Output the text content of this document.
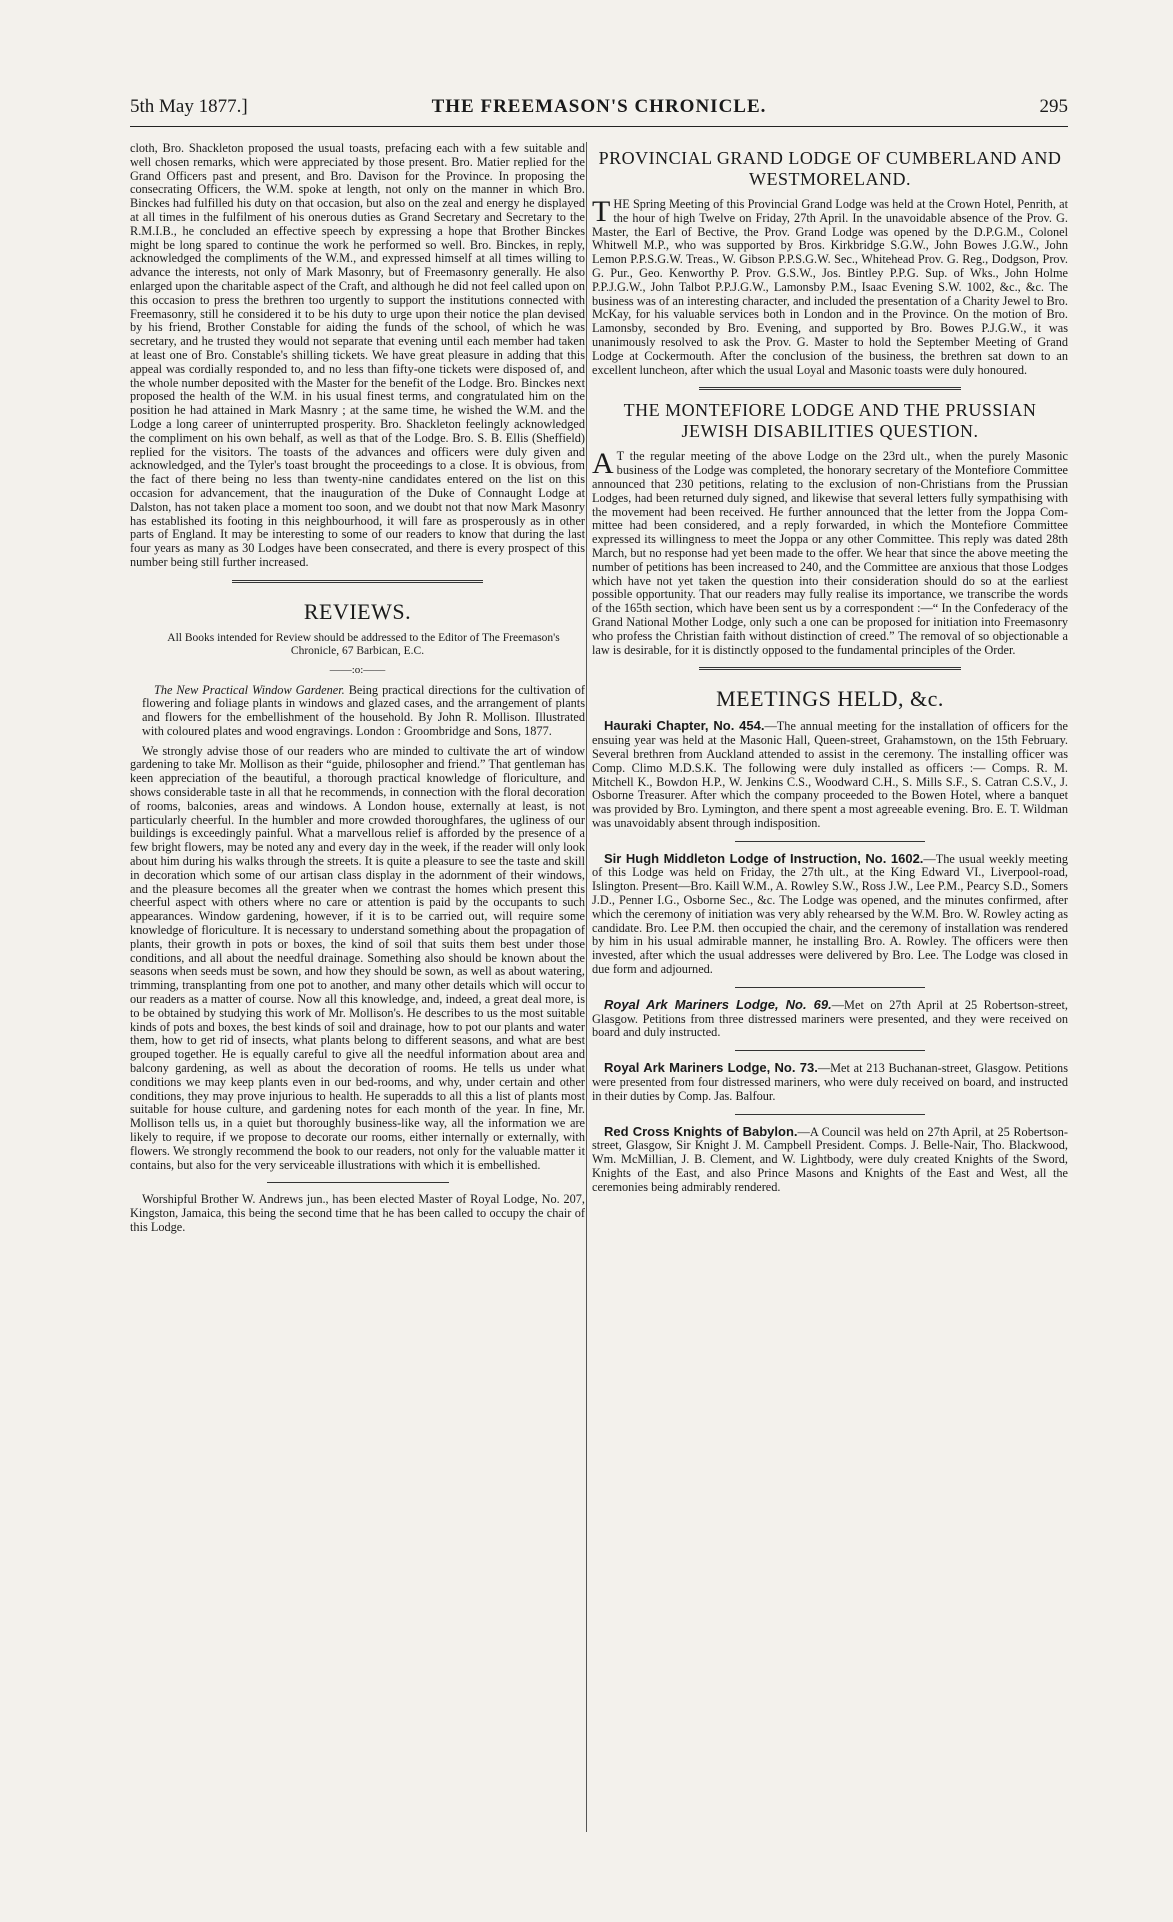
5th May 1877.]	THE FREEMASON'S CHRONICLE.	295

cloth, Bro. Shackleton proposed the usual toasts, prefacing each with a few suitable and well chosen remarks, which were appreciated by those present. Bro. Matier replied for the Grand Officers past and present, and Bro. Davison for the Province. In proposing the consecrating Officers, the W.M. spoke at length, not only on the manner in which Bro. Binckes had fulfilled his duty on that occasion, but also on the zeal and energy he displayed at all times in the fulfilment of his onerous duties as Grand Secretary and Secretary to the R.M.I.B., he concluded an effective speech by expressing a hope that Brother Binckes might be long spared to continue the work he performed so well. Bro. Binckes, in reply, acknowledged the compliments of the W.M., and expressed himself at all times willing to advance the interests, not only of Mark Masonry, but of Freemasonry generally. He also enlarged upon the charitable aspect of the Craft, and although he did not feel called upon on this occasion to press the brethren too urgently to support the institutions connected with Freemasonry, still he considered it to be his duty to urge upon their notice the plan devised by his friend, Brother Constable for aiding the funds of the school, of which he was secretary, and he trusted they would not separate that evening until each member had taken at least one of Bro. Constable's shilling tickets. We have great pleasure in adding that this appeal was cordially responded to, and no less than fifty-one tickets were disposed of, and the whole number deposited with the Master for the benefit of the Lodge. Bro. Binckes next proposed the health of the W.M. in his usual finest terms, and congratulated him on the position he had attained in Mark Masnry ; at the same time, he wished the W.M. and the Lodge a long career of uninterrupted prosperity. Bro. Shackleton feelingly acknowledged the compliment on his own behalf, as well as that of the Lodge. Bro. S. B. Ellis (Sheffield) replied for the visitors. The toasts of the advances and officers were duly given and acknowledged, and the Tyler's toast brought the proceedings to a close. It is obvious, from the fact of there being no less than twenty-nine candidates entered on the list on this occasion for advancement, that the inauguration of the Duke of Connaught Lodge at Dalston, has not taken place a moment too soon, and we doubt not that now Mark Masonry has established its footing in this neighbourhood, it will fare as prosperously as in other parts of England. It may be interesting to some of our readers to know that during the last four years as many as 30 Lodges have been consecrated, and there is every prospect of this number being still further increased.

REVIEWS.

All Books intended for Review should be addressed to the Editor of The Freemason's Chronicle, 67 Barbican, E.C.

——:o:——

The New Practical Window Gardener. Being practical directions for the cultivation of flowering and foliage plants in windows and glazed cases, and the arrangement of plants and flowers for the embellishment of the household. By John R. Mollison. Illustrated with coloured plates and wood engravings. London : Groombridge and Sons, 1877.

We strongly advise those of our readers who are minded to cultivate the art of window gardening to take Mr. Mollison as their “guide, philosopher and friend.” That gentleman has keen appreciation of the beautiful, a thorough practical knowledge of floriculture, and shows considerable taste in all that he recommends, in connection with the floral decoration of rooms, balconies, areas and windows. A London house, externally at least, is not particularly cheerful. In the humbler and more crowded thoroughfares, the ugliness of our buildings is exceedingly painful. What a marvellous relief is afforded by the presence of a few bright flowers, may be noted any and every day in the week, if the reader will only look about him during his walks through the streets. It is quite a pleasure to see the taste and skill in decoration which some of our artisan class display in the adornment of their windows, and the pleasure becomes all the greater when we contrast the homes which present this cheerful aspect with others where no care or attention is paid by the occupants to such appearances. Window gardening, however, if it is to be carried out, will require some knowledge of floriculture. It is necessary to understand something about the propagation of plants, their growth in pots or boxes, the kind of soil that suits them best under those conditions, and all about the needful drainage. Something also should be known about the seasons when seeds must be sown, and how they should be sown, as well as about watering, trimming, transplanting from one pot to another, and many other details which will occur to our readers as a matter of course. Now all this knowledge, and, indeed, a great deal more, is to be obtained by studying this work of Mr. Mollison's. He describes to us the most suitable kinds of pots and boxes, the best kinds of soil and drainage, how to pot our plants and water them, how to get rid of insects, what plants belong to different seasons, and what are best grouped together. He is equally careful to give all the needful information about area and balcony gardening, as well as about the decoration of rooms. He tells us under what conditions we may keep plants even in our bed-rooms, and why, under certain and other conditions, they may prove injurious to health. He superadds to all this a list of plants most suitable for house culture, and gardening notes for each month of the year. In fine, Mr. Mollison tells us, in a quiet but thoroughly business-like way, all the information we are likely to require, if we propose to decorate our rooms, either internally or externally, with flowers. We strongly recommend the book to our readers, not only for the valuable matter it contains, but also for the very serviceable illustrations with which it is embellished.

Worshipful Brother W. Andrews jun., has been elected Master of Royal Lodge, No. 207, Kingston, Jamaica, this being the second time that he has been called to occupy the chair of this Lodge.

PROVINCIAL GRAND LODGE OF CUMBERLAND AND WESTMORELAND.

THE Spring Meeting of this Provincial Grand Lodge was held at the Crown Hotel, Penrith, at the hour of high Twelve on Friday, 27th April. In the unavoidable absence of the Prov. G. Master, the Earl of Bective, the Prov. Grand Lodge was opened by the D.P.G.M., Colonel Whitwell M.P., who was supported by Bros. Kirkbridge S.G.W., John Bowes J.G.W., John Lemon P.P.S.G.W. Treas., W. Gibson P.P.S.G.W. Sec., Whitehead Prov. G. Reg., Dodgson, Prov. G. Pur., Geo. Kenworthy P. Prov. G.S.W., Jos. Bintley P.P.G. Sup. of Wks., John Holme P.P.J.G.W., John Talbot P.P.J.G.W., Lamonsby P.M., Isaac Evening S.W. 1002, &c., &c. The business was of an interesting character, and included the presentation of a Charity Jewel to Bro. McKay, for his valuable services both in London and in the Province. On the motion of Bro. Lamonsby, seconded by Bro. Evening, and supported by Bro. Bowes P.J.G.W., it was unanimously resolved to ask the Prov. G. Master to hold the September Meeting of Grand Lodge at Cockermouth. After the conclusion of the business, the brethren sat down to an excellent luncheon, after which the usual Loyal and Masonic toasts were duly honoured.

THE MONTEFIORE LODGE AND THE PRUSSIAN JEWISH DISABILITIES QUESTION.

A T the regular meeting of the above Lodge on the 23rd ult., when the purely Masonic business of the Lodge was completed, the honorary secretary of the Montefiore Committee announced that 230 petitions, relating to the exclusion of non-Christians from the Prussian Lodges, had been returned duly signed, and likewise that several letters fully sympathising with the movement had been received. He further announced that the letter from the Joppa Committee had been considered, and a reply forwarded, in which the Montefiore Committee expressed its willingness to meet the Joppa or any other Committee. This reply was dated 28th March, but no response had yet been made to the offer. We hear that since the above meeting the number of petitions has been increased to 240, and the Committee are anxious that those Lodges which have not yet taken the question into their consideration should do so at the earliest possible opportunity. That our readers may fully realise its importance, we transcribe the words of the 165th section, which have been sent us by a correspondent :—“ In the Confederacy of the Grand National Mother Lodge, only such a one can be proposed for initiation into Freemasonry who profess the Christian faith without distinction of creed.” The removal of so objectionable a law is desirable, for it is distinctly opposed to the fundamental principles of the Order.

MEETINGS HELD, &c.

Hauraki Chapter, No. 454.—The annual meeting for the installation of officers for the ensuing year was held at the Masonic Hall, Queen-street, Grahamstown, on the 15th February. Several brethren from Auckland attended to assist in the ceremony. The installing officer was Comp. Climo M.D.S.K. The following were duly installed as officers :— Comps. R. M. Mitchell K., Bowdon H.P., W. Jenkins C.S., Woodward C.H., S. Mills S.F., S. Catran C.S.V., J. Osborne Treasurer. After which the company proceeded to the Bowen Hotel, where a banquet was provided by Bro. Lymington, and there spent a most agreeable evening. Bro. E. T. Wildman was unavoidably absent through indisposition.

Sir Hugh Middleton Lodge of Instruction, No. 1602.—The usual weekly meeting of this Lodge was held on Friday, the 27th ult., at the King Edward VI., Liverpool-road, Islington. Present—Bro. Kaill W.M., A. Rowley S.W., Ross J.W., Lee P.M., Pearcy S.D., Somers J.D., Penner I.G., Osborne Sec., &c. The Lodge was opened, and the minutes confirmed, after which the ceremony of initiation was very ably rehearsed by the W.M. Bro. W. Rowley acting as candidate. Bro. Lee P.M. then occupied the chair, and the ceremony of installation was rendered by him in his usual admirable manner, he installing Bro. A. Rowley. The officers were then invested, after which the usual addresses were delivered by Bro. Lee. The Lodge was closed in due form and adjourned.

Royal Ark Mariners Lodge, No. 69.—Met on 27th April at 25 Robertson-street, Glasgow. Petitions from three distressed mariners were presented, and they were received on board and duly instructed.

Royal Ark Mariners Lodge, No. 73.—Met at 213 Buchanan-street, Glasgow. Petitions were presented from four distressed mariners, who were duly received on board, and instructed in their duties by Comp. Jas. Balfour.

Red Cross Knights of Babylon.—A Council was held on 27th April, at 25 Robertson-street, Glasgow, Sir Knight J. M. Campbell President. Comps. J. Belle-Nair, Tho. Blackwood, Wm. McMillian, J. B. Clement, and W. Lightbody, were duly created Knights of the Sword, Knights of the East, and also Prince Masons and Knights of the East and West, all the ceremonies being admirably rendered.
